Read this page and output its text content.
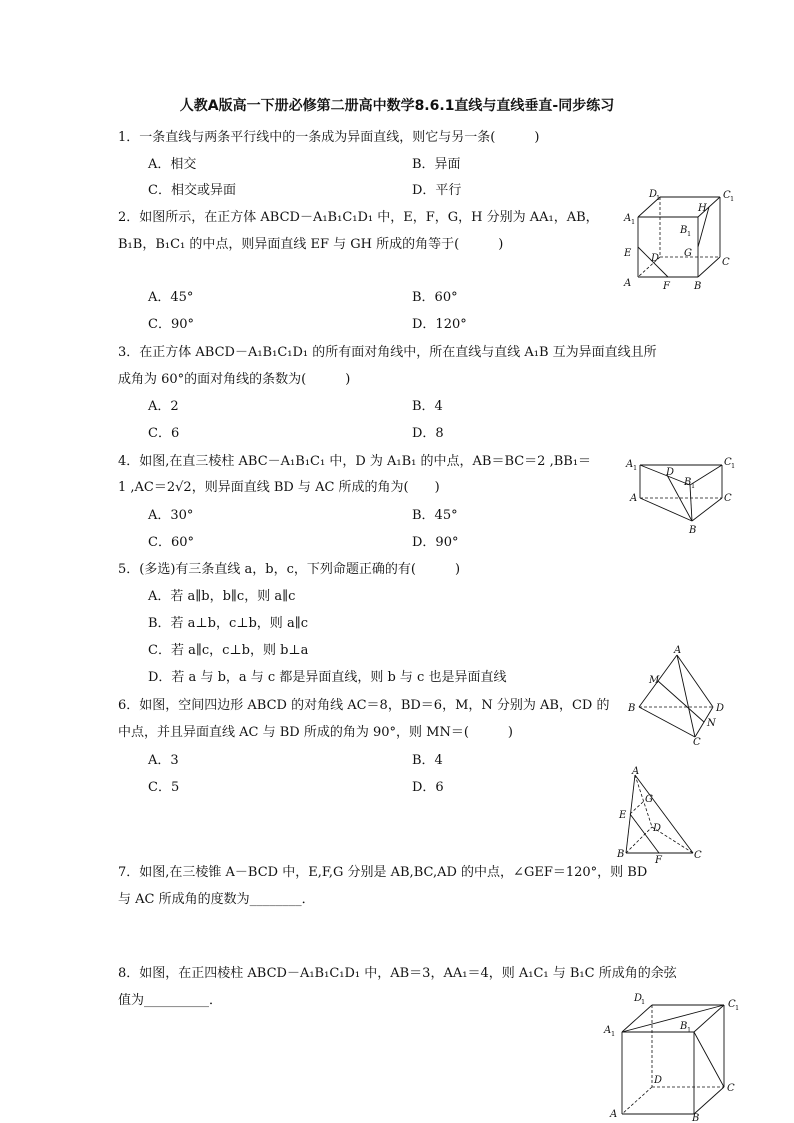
人教A版高一下册必修第二册高中数学8.6.1直线与直线垂直-同步练习
1．一条直线与两条平行线中的一条成为异面直线，则它与另一条(　　　)
A．相交	B．异面
C．相交或异面	D．平行
2．如图所示，在正方体 ABCD－A₁B₁C₁D₁ 中，E，F，G，H 分别为 AA₁，AB，
B₁B，B₁C₁ 的中点，则异面直线 EF 与 GH 所成的角等于(　　　)
A．45°	B．60°
C．90°	D．120°
3．在正方体 ABCD－A₁B₁C₁D₁ 的所有面对角线中，所在直线与直线 A₁B 互为异面直线且所
成角为 60°的面对角线的条数为(　　　)
A．2	B．4
C．6	D．8
4．如图,在直三棱柱 ABC－A₁B₁C₁ 中，D 为 A₁B₁ 的中点，AB＝BC＝2 ,BB₁＝
1 ,AC＝2√2，则异面直线 BD 与 AC 所成的角为(　　)
A．30°	B．45°
C．60°	D．90°
5．(多选)有三条直线 a，b，c，下列命题正确的有(　　　)
A．若 a∥b，b∥c，则 a∥c
B．若 a⊥b，c⊥b，则 a∥c
C．若 a∥c，c⊥b，则 b⊥a
D．若 a 与 b，a 与 c 都是异面直线，则 b 与 c 也是异面直线
6．如图，空间四边形 ABCD 的对角线 AC＝8，BD＝6，M，N 分别为 AB，CD 的
中点，并且异面直线 AC 与 BD 所成的角为 90°，则 MN＝(　　　)
A．3	B．4
C．5	D．6
7．如图,在三棱锥 A－BCD 中，E,F,G 分别是 AB,BC,AD 的中点，∠GEF＝120°，则 BD
与 AC 所成角的度数为________．
8．如图，在正四棱柱 ABCD－A₁B₁C₁D₁ 中，AB＝3，AA₁＝4，则 A₁C₁ 与 B₁C 所成角的余弦
值为__________．
D
1	C 1
A 1
H
B 1
G
E D	C
A	F B
A 1	D
C 1
B 1
A	C
B
A
M
B	D
N
C
A
E
G
D
B
F	C
D
1	C 1
A 1
B 1
D
C
A	B
